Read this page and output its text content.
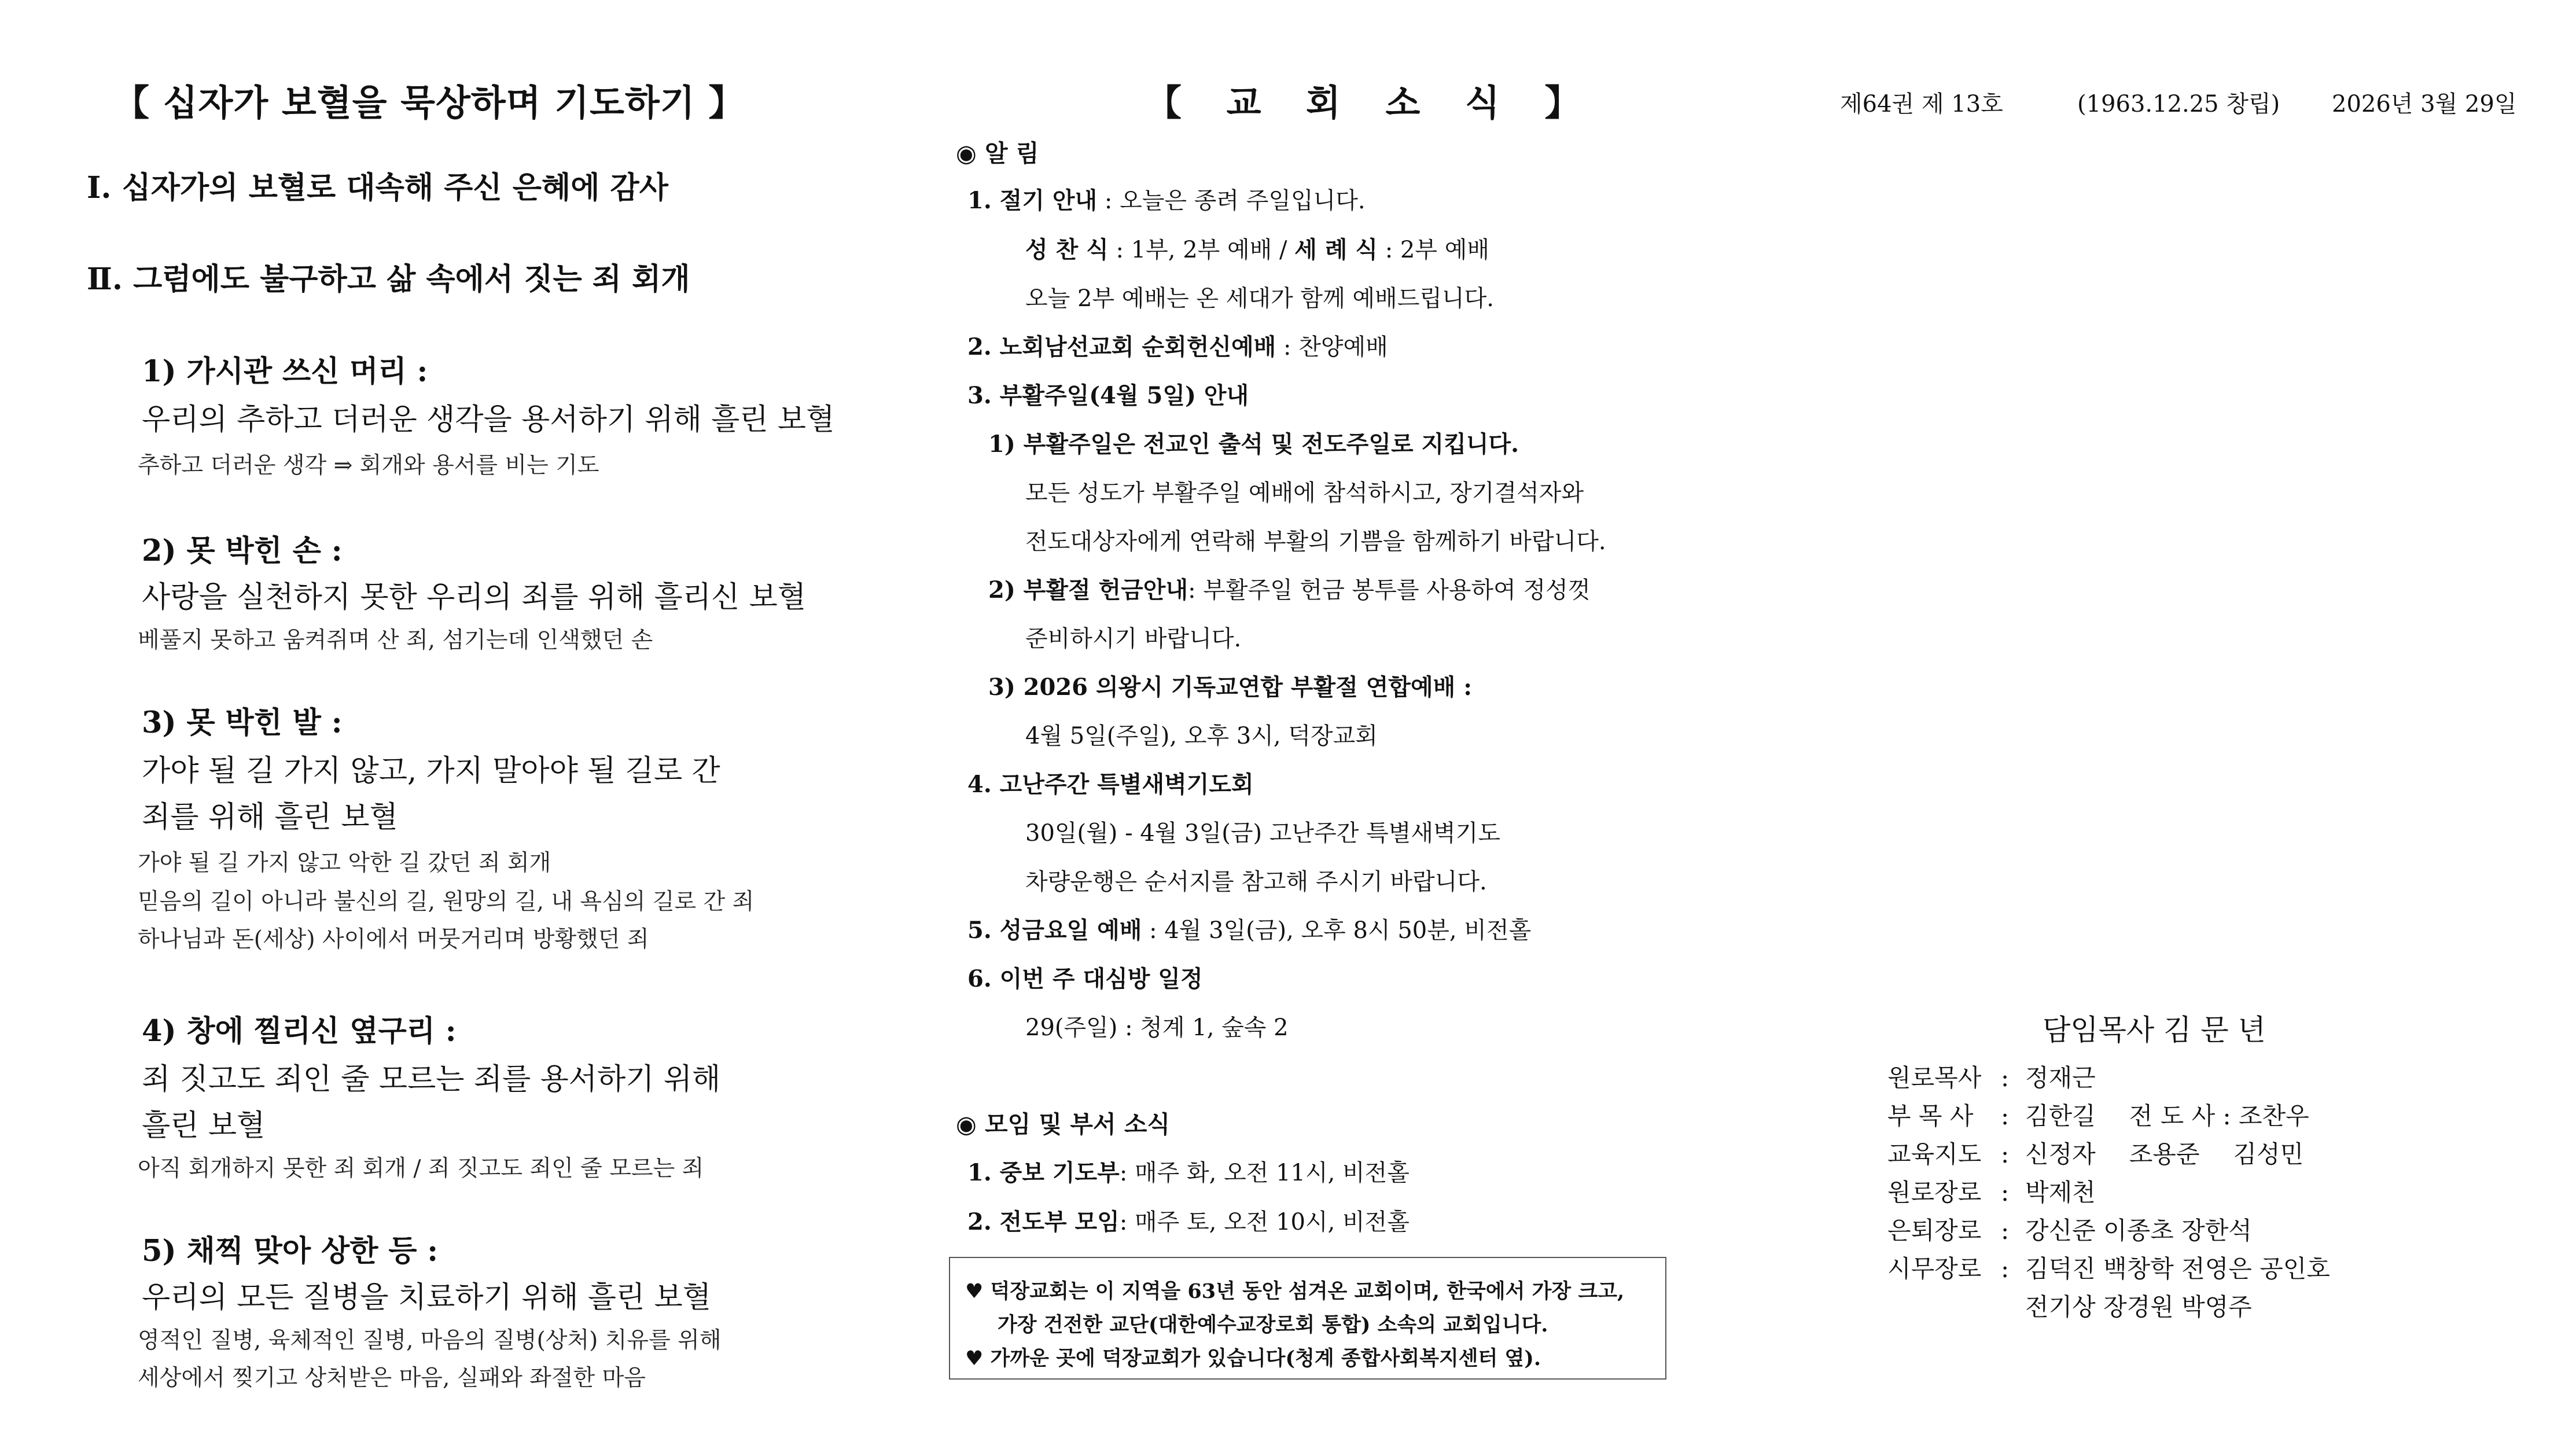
【 십자가 보혈을 묵상하며 기도하기 】
Ⅰ. 십자가의 보혈로 대속해 주신 은혜에 감사
Ⅱ. 그럼에도 불구하고 삶 속에서 짓는 죄 회개
1) 가시관 쓰신 머리 :
우리의 추하고 더러운 생각을 용서하기 위해 흘린 보혈
추하고 더러운 생각 ⇒ 회개와 용서를 비는 기도
2) 못 박힌 손 :
사랑을 실천하지 못한 우리의 죄를 위해 흘리신 보혈
베풀지 못하고 움켜쥐며 산 죄, 섬기는데 인색했던 손
3) 못 박힌 발 :
가야 될 길 가지 않고, 가지 말아야 될 길로 간
죄를 위해 흘린 보혈
가야 될 길 가지 않고 악한 길 갔던 죄 회개
믿음의 길이 아니라 불신의 길, 원망의 길, 내 욕심의 길로 간 죄
하나님과 돈(세상) 사이에서 머뭇거리며 방황했던 죄
4) 창에 찔리신 옆구리 :
죄 짓고도 죄인 줄 모르는 죄를 용서하기 위해
흘린 보혈
아직 회개하지 못한 죄 회개 / 죄 짓고도 죄인 줄 모르는 죄
5) 채찍 맞아 상한 등 :
우리의 모든 질병을 치료하기 위해 흘린 보혈
영적인 질병, 육체적인 질병, 마음의 질병(상처) 치유를 위해
세상에서 찢기고 상처받은 마음, 실패와 좌절한 마음
【 교 회 소 식 】
◉ 알 림
1. 절기 안내 : 오늘은 종려 주일입니다.
성 찬 식 : 1부, 2부 예배 / 세 례 식 : 2부 예배
오늘 2부 예배는 온 세대가 함께 예배드립니다.
2. 노회남선교회 순회헌신예배 : 찬양예배
3. 부활주일(4월 5일) 안내
1) 부활주일은 전교인 출석 및 전도주일로 지킵니다.
모든 성도가 부활주일 예배에 참석하시고, 장기결석자와
전도대상자에게 연락해 부활의 기쁨을 함께하기 바랍니다.
2) 부활절 헌금안내: 부활주일 헌금 봉투를 사용하여 정성껏
준비하시기 바랍니다.
3) 2026 의왕시 기독교연합 부활절 연합예배 :
4월 5일(주일), 오후 3시, 덕장교회
4. 고난주간 특별새벽기도회
30일(월) - 4월 3일(금) 고난주간 특별새벽기도
차량운행은 순서지를 참고해 주시기 바랍니다.
5. 성금요일 예배 : 4월 3일(금), 오후 8시 50분, 비전홀
6. 이번 주 대심방 일정
29(주일) : 청계 1, 숲속 2
◉ 모임 및 부서 소식
1. 중보 기도부: 매주 화, 오전 11시, 비전홀
2. 전도부 모임: 매주 토, 오전 10시, 비전홀
♥ 덕장교회는 이 지역을 63년 동안 섬겨온 교회이며, 한국에서 가장 크고,
가장 건전한 교단(대한예수교장로회 통합) 소속의 교회입니다.
♥ 가까운 곳에 덕장교회가 있습니다(청계 종합사회복지센터 옆).
제64권 제 13호	(1963.12.25 창립) 2026년 3월 29일
담임목사 김 문 년
원로목사 : 정재근
부 목 사 : 김한길 전 도 사 : 조찬우
교육지도 : 신정자 조용준 김성민
원로장로 : 박제천
은퇴장로 : 강신준 이종초 장한석
시무장로 : 김덕진 백창학 전영은 공인호
전기상 장경원 박영주
